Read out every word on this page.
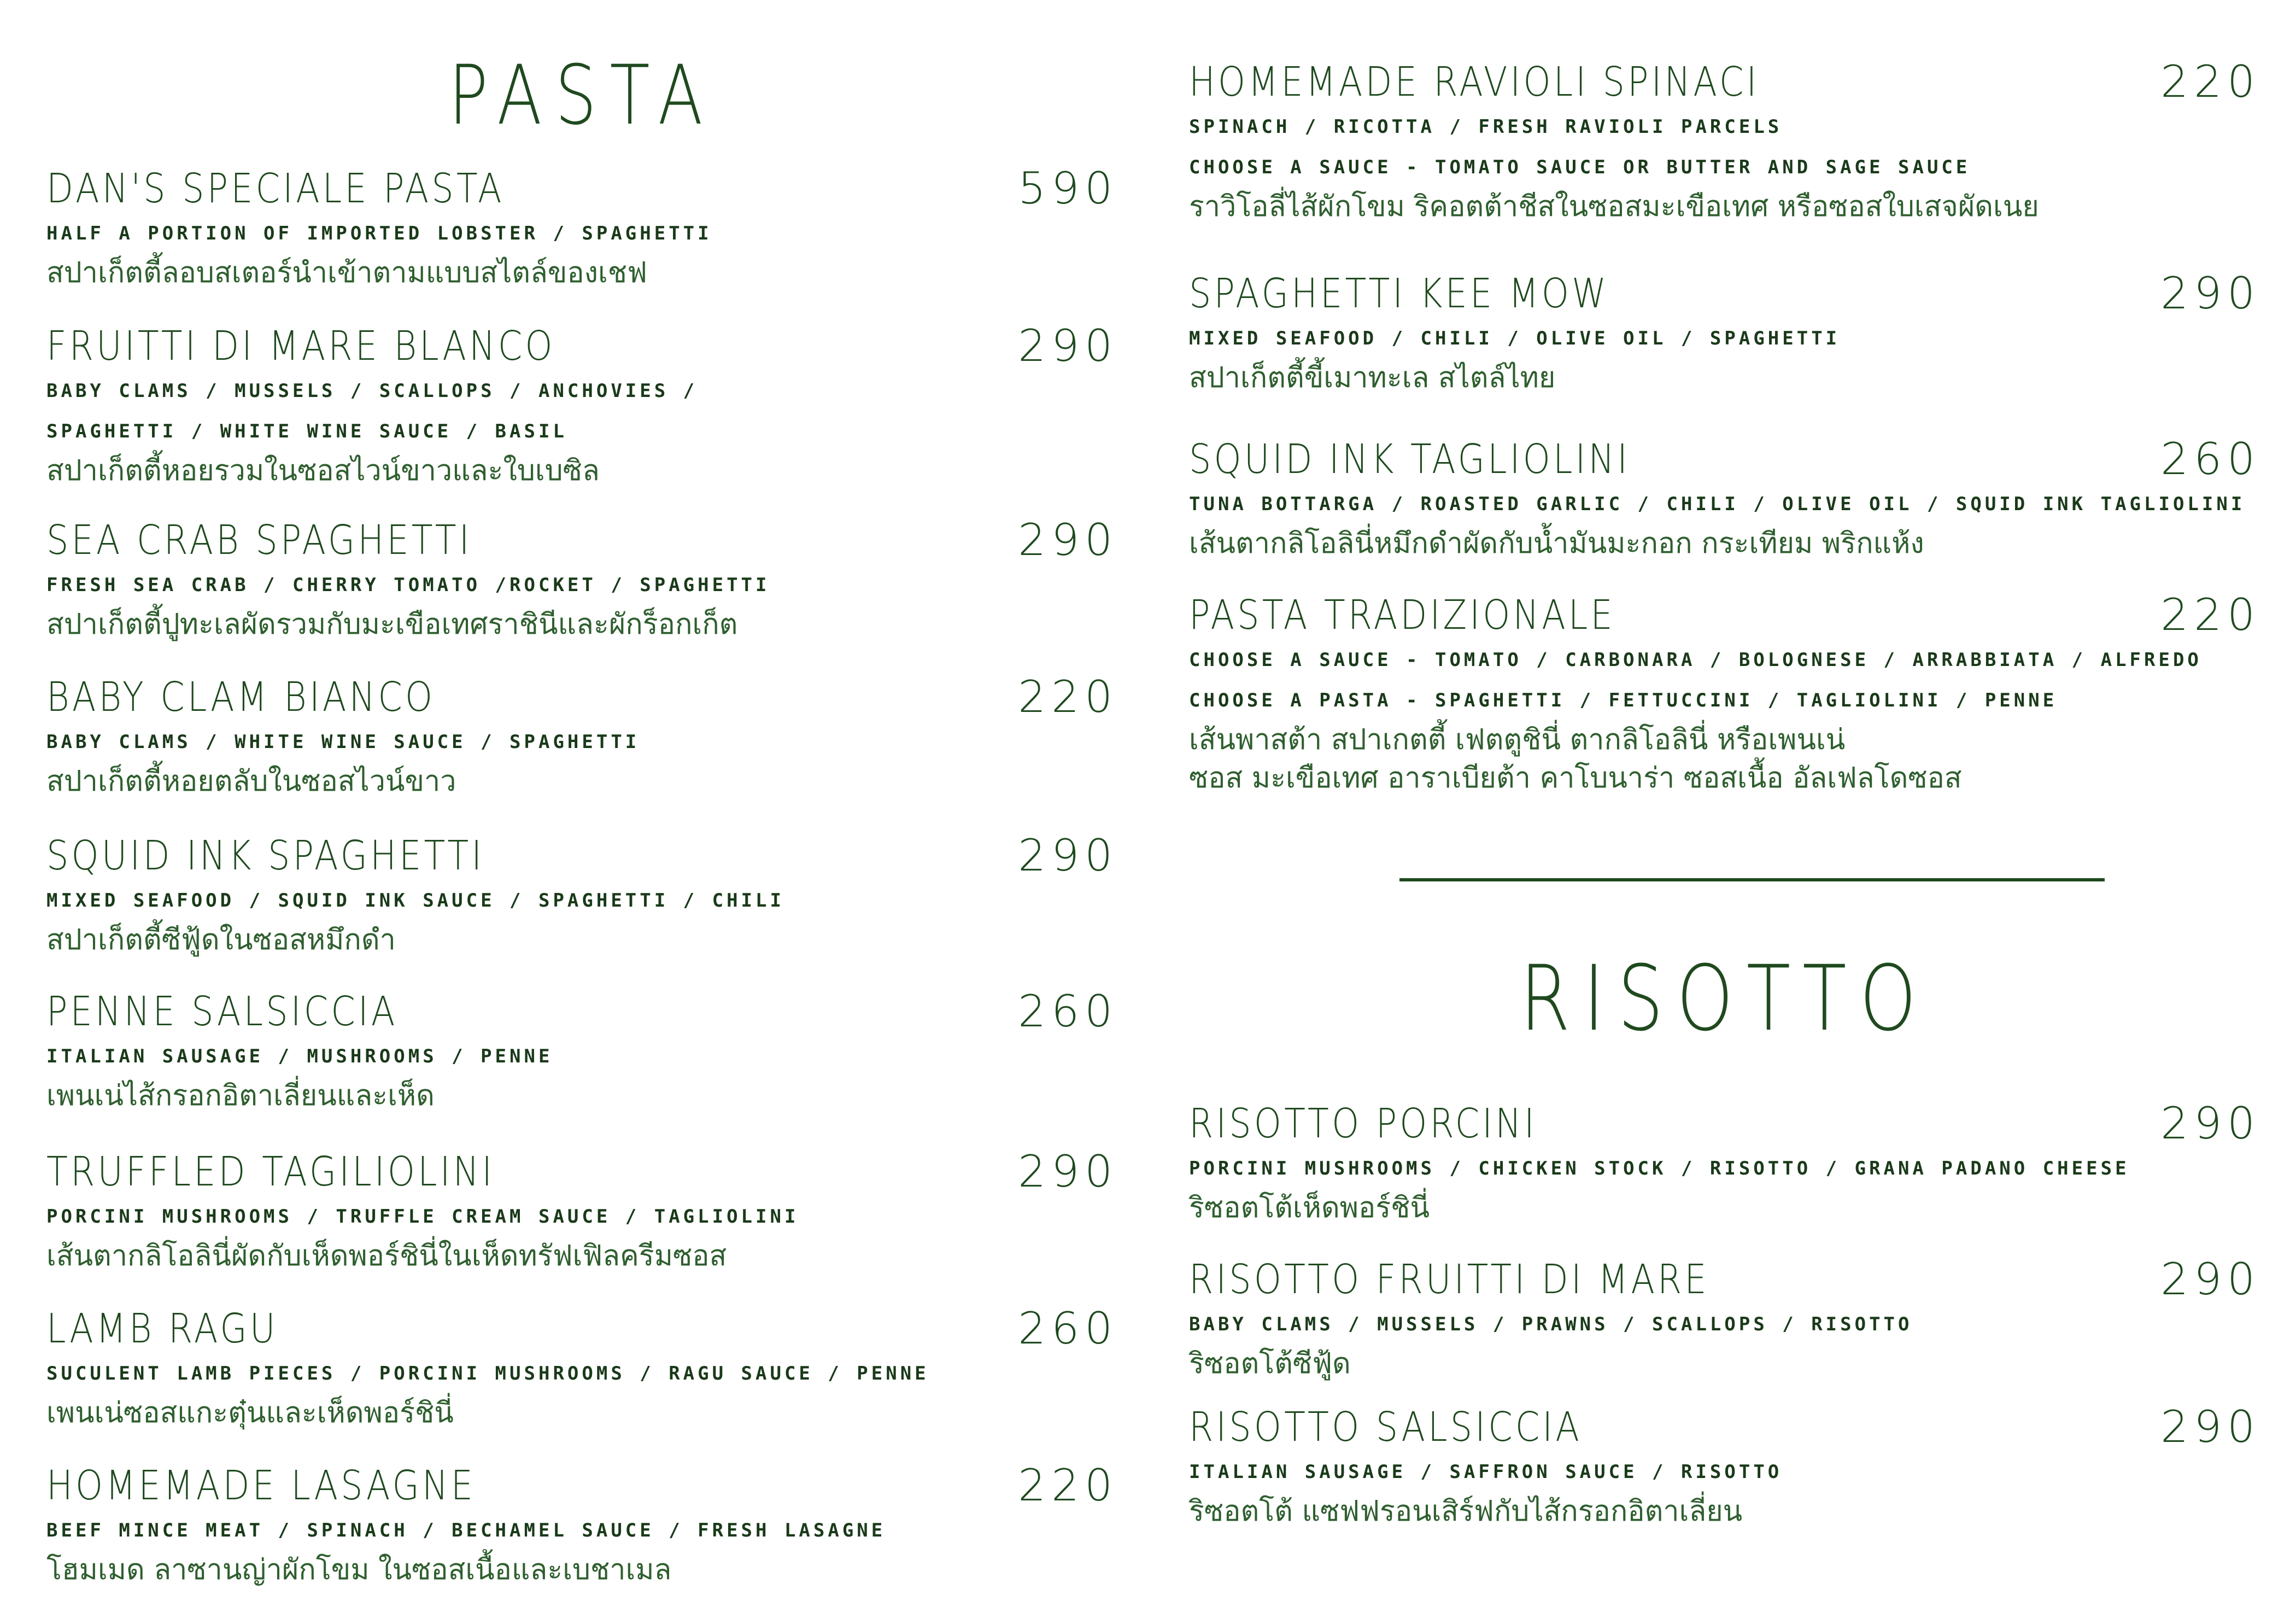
PASTA
DAN'S SPECIALE PASTA	590
HALF A PORTION OF IMPORTED LOBSTER / SPAGHETTI
สปาเก็ตตี้ลอบสเตอร์นำเข้าตามแบบสไตล์ของเชฟ
FRUITTI DI MARE BLANCO	290
BABY CLAMS / MUSSELS / SCALLOPS / ANCHOVIES /
SPAGHETTI / WHITE WINE SAUCE / BASIL
สปาเก็ตตี้หอยรวมในซอสไวน์ขาวและใบเบซิล
SEA CRAB SPAGHETTI	290
FRESH SEA CRAB / CHERRY TOMATO /ROCKET / SPAGHETTI
สปาเก็ตตี้ปูทะเลผัดรวมกับมะเขือเทศราชินีและผักร็อกเก็ต
BABY CLAM BIANCO	220
BABY CLAMS / WHITE WINE SAUCE / SPAGHETTI
สปาเก็ตตี้หอยตลับในซอสไวน์ขาว
SQUID INK SPAGHETTI	290
MIXED SEAFOOD / SQUID INK SAUCE / SPAGHETTI / CHILI
สปาเก็ตตี้ซีฟู้ดในซอสหมึกดำ
PENNE SALSICCIA	260
ITALIAN SAUSAGE / MUSHROOMS / PENNE
เพนเน่ไส้กรอกอิตาเลี่ยนและเห็ด
TRUFFLED TAGILIOLINI	290
PORCINI MUSHROOMS / TRUFFLE CREAM SAUCE / TAGLIOLINI
เส้นตากลิโอลินี่ผัดกับเห็ดพอร์ชินี่ในเห็ดทรัฟเฟิลครีมซอส
LAMB RAGU	260
SUCULENT LAMB PIECES / PORCINI MUSHROOMS / RAGU SAUCE / PENNE
เพนเน่ซอสแกะตุ๋นและเห็ดพอร์ชินี่
HOMEMADE LASAGNE	220
BEEF MINCE MEAT / SPINACH / BECHAMEL SAUCE / FRESH LASAGNE
โฮมเมด ลาซานญ่าผักโขม ในซอสเนื้อและเบชาเมล
HOMEMADE RAVIOLI SPINACI	220
SPINACH / RICOTTA / FRESH RAVIOLI PARCELS
CHOOSE A SAUCE - TOMATO SAUCE OR BUTTER AND SAGE SAUCE
ราวิโอลี่ไส้ผักโขม ริคอตต้าชีสในซอสมะเขือเทศ หรือซอสใบเสจผัดเนย
SPAGHETTI KEE MOW	290
MIXED SEAFOOD / CHILI / OLIVE OIL / SPAGHETTI
สปาเก็ตตี้ขี้เมาทะเล สไตล์ไทย
SQUID INK TAGLIOLINI	260
TUNA BOTTARGA / ROASTED GARLIC / CHILI / OLIVE OIL / SQUID INK TAGLIOLINI
เส้นตากลิโอลินี่หมึกดำผัดกับน้ำมันมะกอก กระเทียม พริกแห้ง
PASTA TRADIZIONALE	220
CHOOSE A SAUCE - TOMATO / CARBONARA / BOLOGNESE / ARRABBIATA / ALFREDO
CHOOSE A PASTA - SPAGHETTI / FETTUCCINI / TAGLIOLINI / PENNE
เส้นพาสต้า สปาเกตตี้ เฟตตูชินี่ ตากลิโอลินี่ หรือเพนเน่
ซอส มะเขือเทศ อาราเบียต้า คาโบนาร่า ซอสเนื้อ อัลเฟลโดซอส
RISOTTO
RISOTTO PORCINI	290
PORCINI MUSHROOMS / CHICKEN STOCK / RISOTTO / GRANA PADANO CHEESE
ริซอตโต้เห็ดพอร์ชินี่
RISOTTO FRUITTI DI MARE	290
BABY CLAMS / MUSSELS / PRAWNS / SCALLOPS / RISOTTO
ริซอตโต้ซีฟู้ด
RISOTTO SALSICCIA	290
ITALIAN SAUSAGE / SAFFRON SAUCE / RISOTTO
ริซอตโต้ แซฟฟรอนเสิร์ฟกับไส้กรอกอิตาเลี่ยน
